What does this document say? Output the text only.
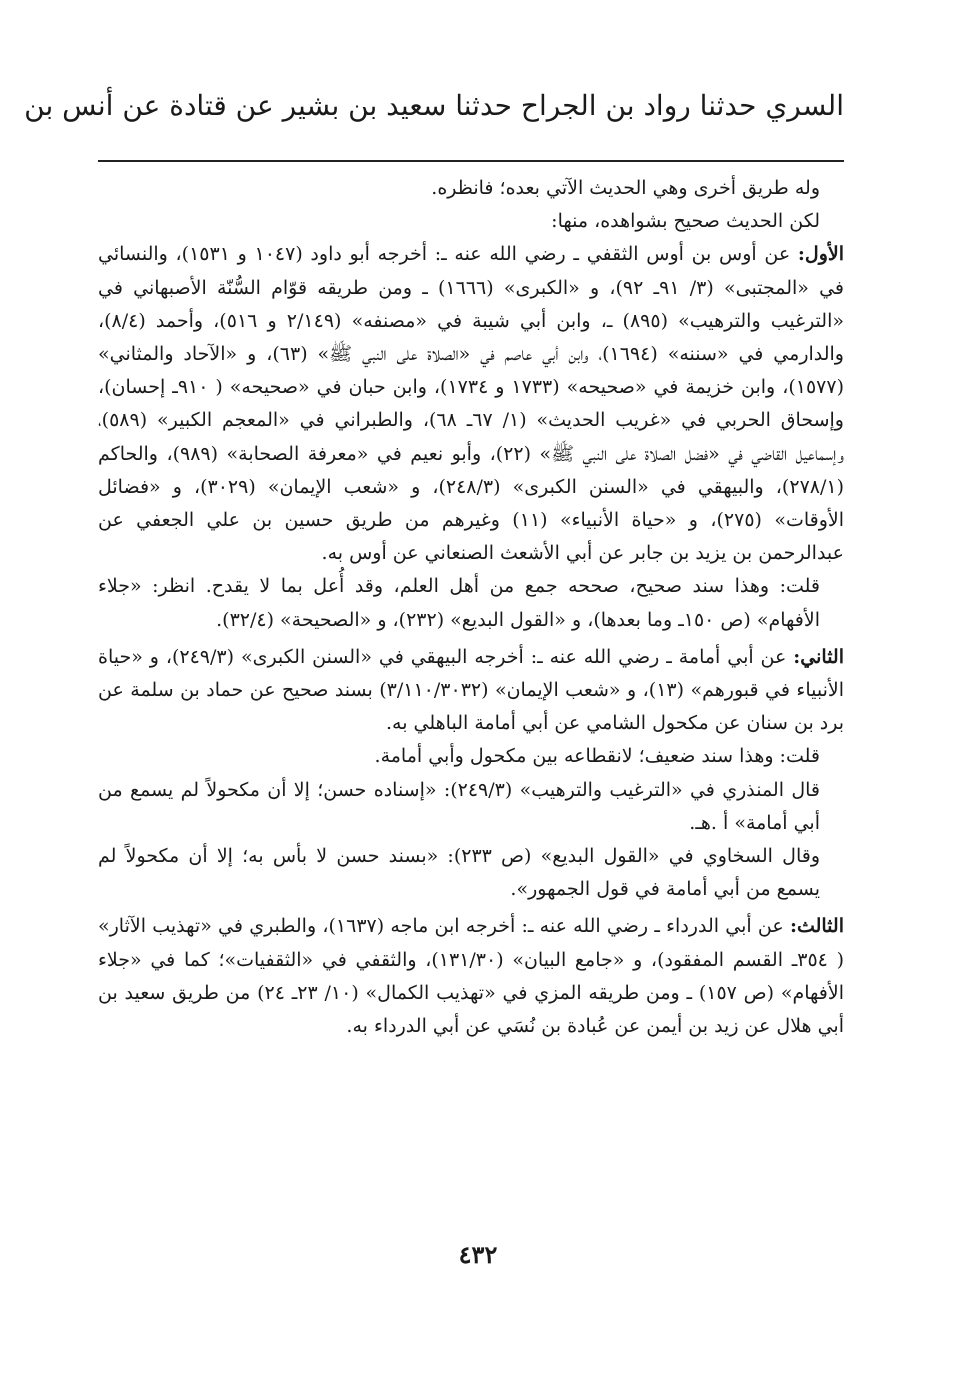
السري حدثنا رواد بن الجراح حدثنا سعيد بن بشير عن قتادة عن أنس بن

وله طريق أخرى وهي الحديث الآتي بعده؛ فانظره.

لكن الحديث صحيح بشواهده، منها:

الأول: عن أوس بن أوس الثقفي ـ رضي الله عنه ـ: أخرجه أبو داود (١٠٤٧ و ١٥٣١)، والنسائي في «المجتبى» (٣/ ٩١ـ ٩٢)، و «الكبرى» (١٦٦٦) ـ ومن طريقه قوّام السُّنّة الأصبهاني في «الترغيب والترهيب» (٨٩٥) ـ، وابن أبي شيبة في «مصنفه» (٢/١٤٩ و ٥١٦)، وأحمد (٨/٤)، والدارمي في «سننه» (١٦٩٤)، وابن أبي عاصم في «الصلاة على النبي ﷺ» (٦٣)، و «الآحاد والمثاني» (١٥٧٧)، وابن خزيمة في «صحيحه» (١٧٣٣ و ١٧٣٤)، وابن حبان في «صحيحه» ( ٩١٠ـ إحسان)، وإسحاق الحربي في «غريب الحديث» (١/ ٦٧ـ ٦٨)، والطبراني في «المعجم الكبير» (٥٨٩)، وإسماعيل القاضي في «فضل الصلاة على النبي ﷺ» (٢٢)، وأبو نعيم في «معرفة الصحابة» (٩٨٩)، والحاكم (٢٧٨/١)، والبيهقي في «السنن الكبرى» (٢٤٨/٣)، و «شعب الإيمان» (٣٠٢٩)، و «فضائل الأوقات» (٢٧٥)، و «حياة الأنبياء» (١١) وغيرهم من طريق حسين بن علي الجعفي عن عبدالرحمن بن يزيد بن جابر عن أبي الأشعث الصنعاني عن أوس به.

قلت: وهذا سند صحيح، صححه جمع من أهل العلم، وقد أُعل بما لا يقدح. انظر: «جلاء الأفهام» (ص ١٥٠ـ وما بعدها)، و «القول البديع» (٢٣٢)، و «الصحيحة» (٣٢/٤).

الثاني: عن أبي أمامة ـ رضي الله عنه ـ: أخرجه البيهقي في «السنن الكبرى» (٢٤٩/٣)، و «حياة الأنبياء في قبورهم» (١٣)، و «شعب الإيمان» (٣/١١٠/٣٠٣٢) بسند صحيح عن حماد بن سلمة عن برد بن سنان عن مكحول الشامي عن أبي أمامة الباهلي به.

قلت: وهذا سند ضعيف؛ لانقطاعه بين مكحول وأبي أمامة.

قال المنذري في «الترغيب والترهيب» (٢٤٩/٣): «إسناده حسن؛ إلا أن مكحولاً لم يسمع من أبي أمامة» أ .هـ.

وقال السخاوي في «القول البديع» (ص ٢٣٣): «بسند حسن لا بأس به؛ إلا أن مكحولاً لم يسمع من أبي أمامة في قول الجمهور».

الثالث: عن أبي الدرداء ـ رضي الله عنه ـ: أخرجه ابن ماجه (١٦٣٧)، والطبري في «تهذيب الآثار» ( ٣٥٤ـ القسم المفقود)، و «جامع البيان» (١٣١/٣٠)، والثقفي في «الثقفيات»؛ كما في «جلاء الأفهام» (ص ١٥٧) ـ ومن طريقه المزي في «تهذيب الكمال» (١٠/ ٢٣ـ ٢٤) من طريق سعيد بن أبي هلال عن زيد بن أيمن عن عُبادة بن نُسَي عن أبي الدرداء به.

٤٣٢
